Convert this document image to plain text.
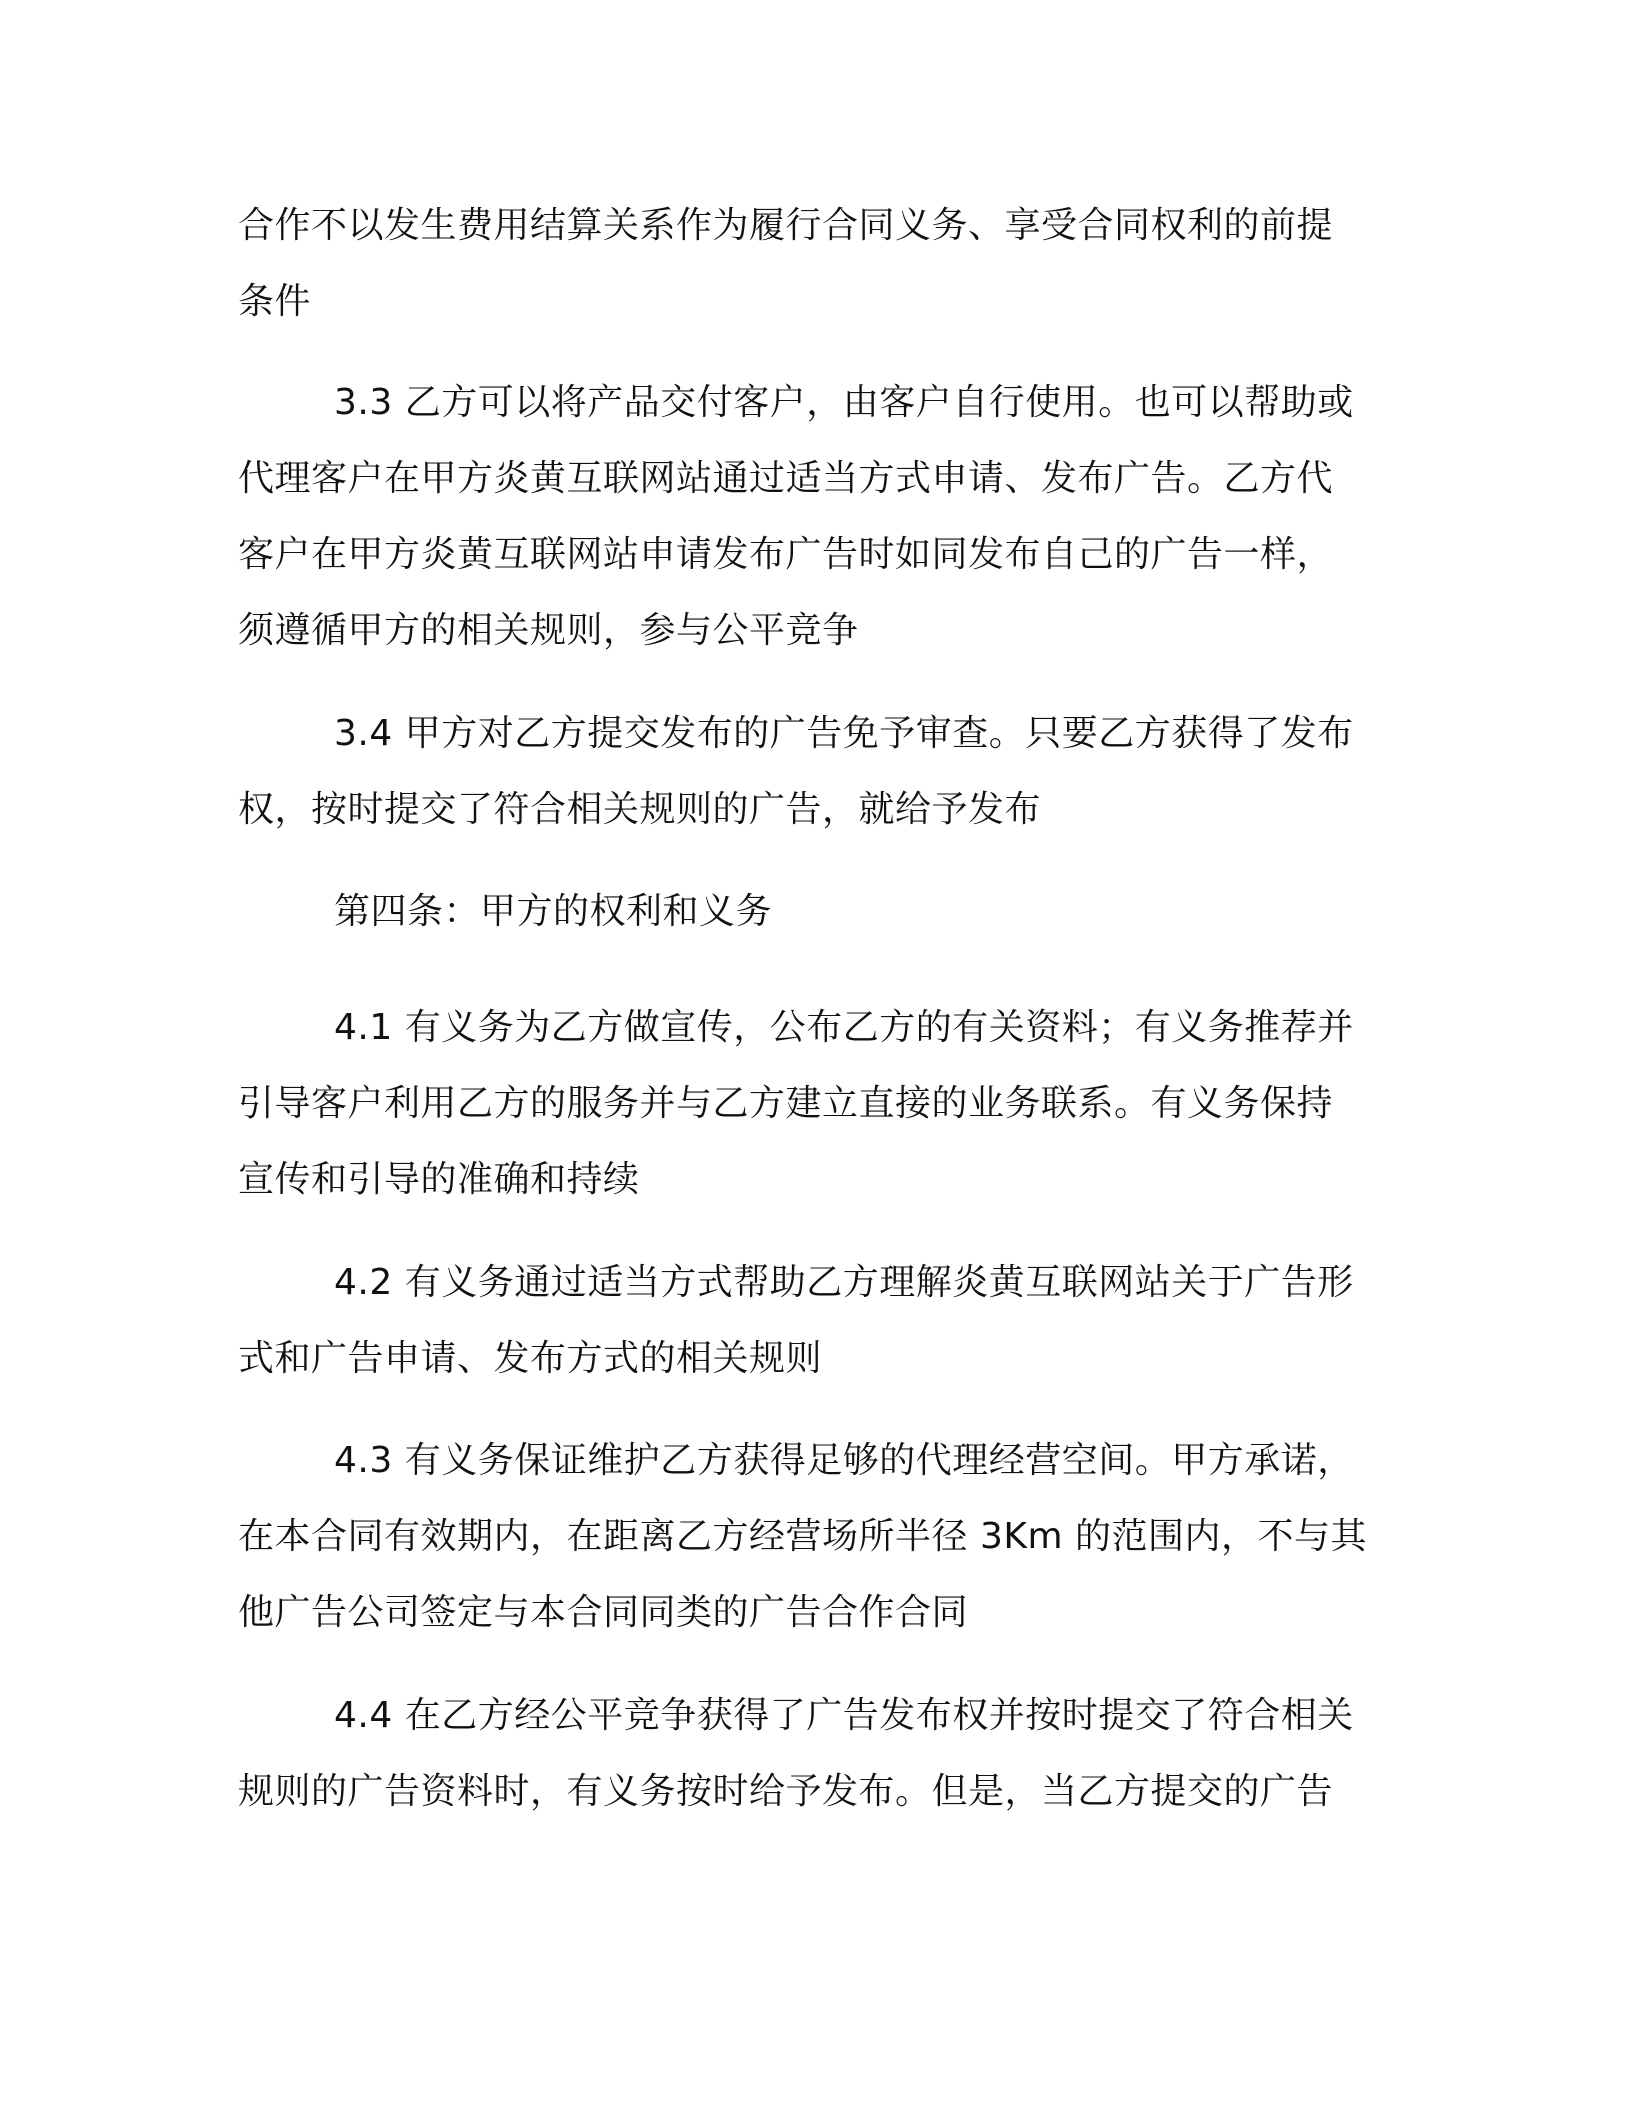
合作不以发生费用结算关系作为履行合同义务、享受合同权利的前提
条件
3.3 乙方可以将产品交付客户，由客户自行使用。也可以帮助或
代理客户在甲方炎黄互联网站通过适当方式申请、发布广告。乙方代
客户在甲方炎黄互联网站申请发布广告时如同发布自己的广告一样，
须遵循甲方的相关规则，参与公平竞争
3.4 甲方对乙方提交发布的广告免予审查。只要乙方获得了发布
权，按时提交了符合相关规则的广告，就给予发布
第四条：甲方的权利和义务
4.1 有义务为乙方做宣传，公布乙方的有关资料；有义务推荐并
引导客户利用乙方的服务并与乙方建立直接的业务联系。有义务保持
宣传和引导的准确和持续
4.2 有义务通过适当方式帮助乙方理解炎黄互联网站关于广告形
式和广告申请、发布方式的相关规则
4.3 有义务保证维护乙方获得足够的代理经营空间。甲方承诺，
在本合同有效期内，在距离乙方经营场所半径 3Km 的范围内，不与其
他广告公司签定与本合同同类的广告合作合同
4.4 在乙方经公平竞争获得了广告发布权并按时提交了符合相关
规则的广告资料时，有义务按时给予发布。但是，当乙方提交的广告
